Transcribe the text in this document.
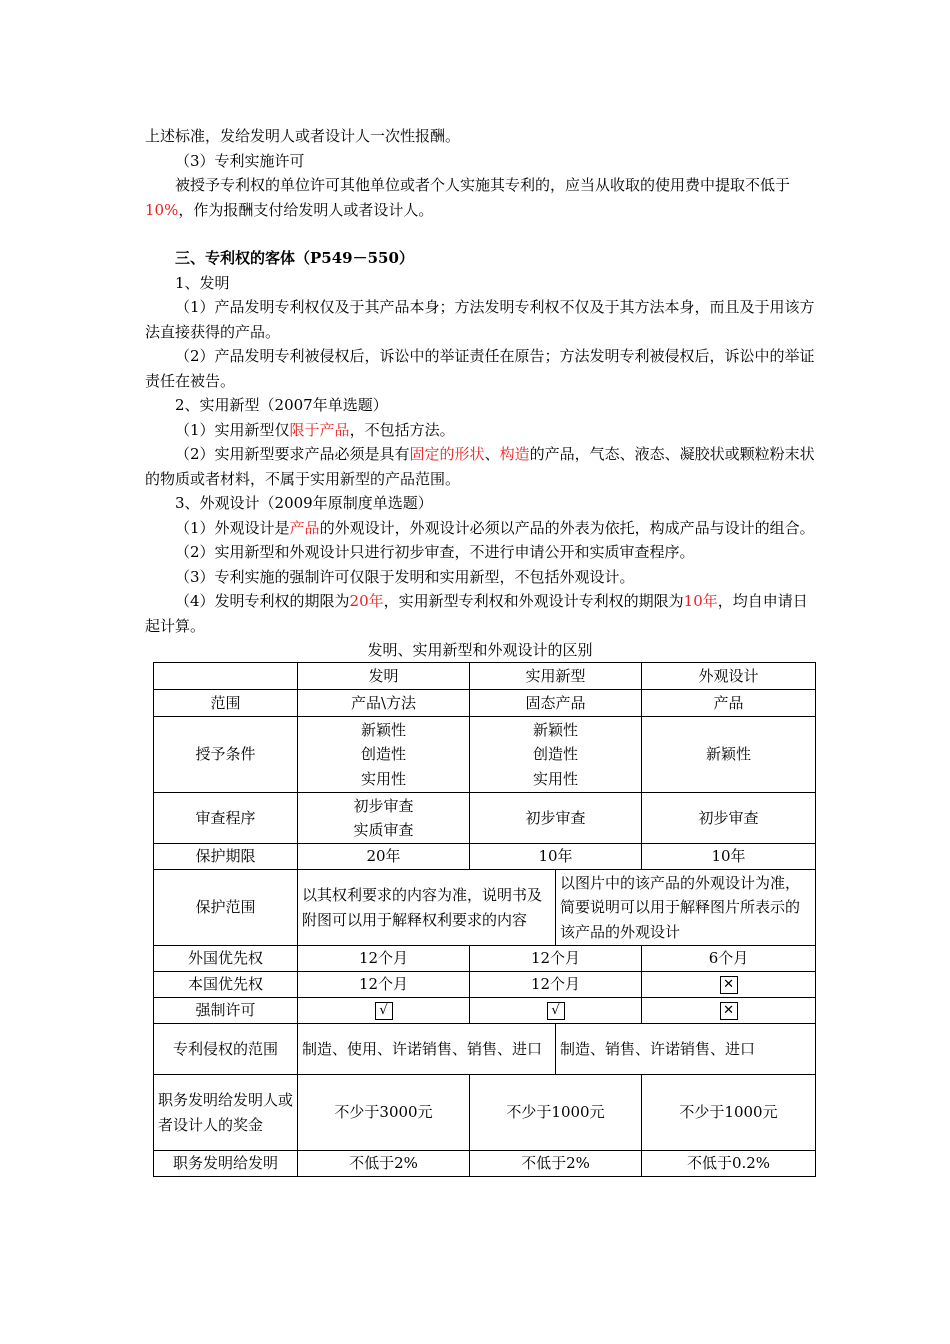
上述标准，发给发明人或者设计人一次性报酬。

（3）专利实施许可

被授予专利权的单位许可其他单位或者个人实施其专利的，应当从收取的使用费中提取不低于10%，作为报酬支付给发明人或者设计人。

三、专利权的客体（P549－550）

1、发明

（1）产品发明专利权仅及于其产品本身；方法发明专利权不仅及于其方法本身，而且及于用该方法直接获得的产品。

（2）产品发明专利被侵权后，诉讼中的举证责任在原告；方法发明专利被侵权后，诉讼中的举证责任在被告。

2、实用新型（2007年单选题）

（1）实用新型仅限于产品，不包括方法。

（2）实用新型要求产品必须是具有固定的形状、构造的产品，气态、液态、凝胶状或颗粒粉末状的物质或者材料，不属于实用新型的产品范围。

3、外观设计（2009年原制度单选题）

（1）外观设计是产品的外观设计，外观设计必须以产品的外表为依托，构成产品与设计的组合。

（2）实用新型和外观设计只进行初步审查，不进行申请公开和实质审查程序。

（3）专利实施的强制许可仅限于发明和实用新型，不包括外观设计。

（4）发明专利权的期限为20年，实用新型专利权和外观设计专利权的期限为10年，均自申请日起计算。

发明、实用新型和外观设计的区别

	发明	实用新型		外观设计
范围	产品\方法	固态产品		产品
授予条件	新颖性
创造性
实用性	新颖性
创造性
实用性		新颖性
审查程序	初步审查
实质审查	初步审查		初步审查
保护期限	20年	10年		10年
保护范围	以其权利要求的内容为准，说明书及附图可以用于解释权利要求的内容		以图片中的该产品的外观设计为准，简要说明可以用于解释图片所表示的该产品的外观设计	
外国优先权	12个月	12个月		6个月
本国优先权	12个月	12个月		✕
强制许可	√	√		✕
专利侵权的范围	制造、使用、许诺销售、销售、进口		制造、销售、许诺销售、进口	
职务发明给发明人或者设计人的奖金	不少于3000元	不少于1000元		不少于1000元
职务发明给发明	不低于2%	不低于2%		不低于0.2%
